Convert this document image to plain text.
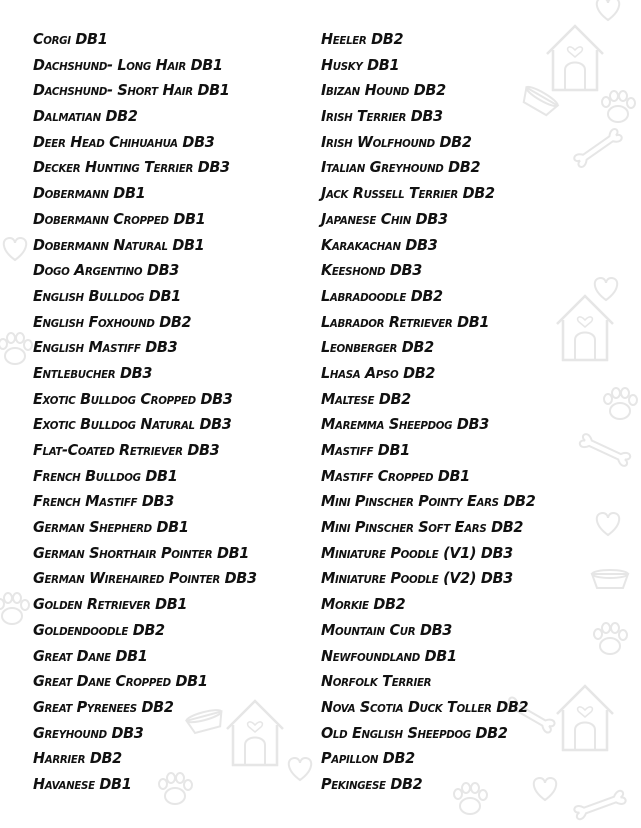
Corgi DB1
Dachshund- Long Hair DB1
Dachshund- Short Hair DB1
Dalmatian DB2
Deer Head Chihuahua DB3
Decker Hunting Terrier DB3
Dobermann DB1
Dobermann Cropped DB1
Dobermann Natural DB1
Dogo Argentino DB3
English Bulldog DB1
English Foxhound DB2
English Mastiff DB3
Entlebucher DB3
Exotic Bulldog Cropped DB3
Exotic Bulldog Natural DB3
Flat-Coated Retriever DB3
French Bulldog DB1
French Mastiff DB3
German Shepherd DB1
German Shorthair Pointer DB1
German Wirehaired Pointer DB3
Golden Retriever DB1
Goldendoodle DB2
Great Dane DB1
Great Dane Cropped DB1
Great Pyrenees DB2
Greyhound DB3
Harrier DB2
Havanese DB1
Heeler DB2
Husky DB1
Ibizan Hound DB2
Irish Terrier DB3
Irish Wolfhound DB2
Italian Greyhound DB2
Jack Russell Terrier DB2
Japanese Chin DB3
Karakachan DB3
Keeshond DB3
Labradoodle DB2
Labrador Retriever DB1
Leonberger DB2
Lhasa Apso DB2
Maltese DB2
Maremma Sheepdog DB3
Mastiff DB1
Mastiff Cropped DB1
Mini Pinscher Pointy Ears DB2
Mini Pinscher Soft Ears DB2
Miniature Poodle (V1) DB3
Miniature Poodle (V2) DB3
Morkie DB2
Mountain Cur DB3
Newfoundland DB1
Norfolk Terrier
Nova Scotia Duck Toller DB2
Old English Sheepdog DB2
Papillon DB2
Pekingese DB2
